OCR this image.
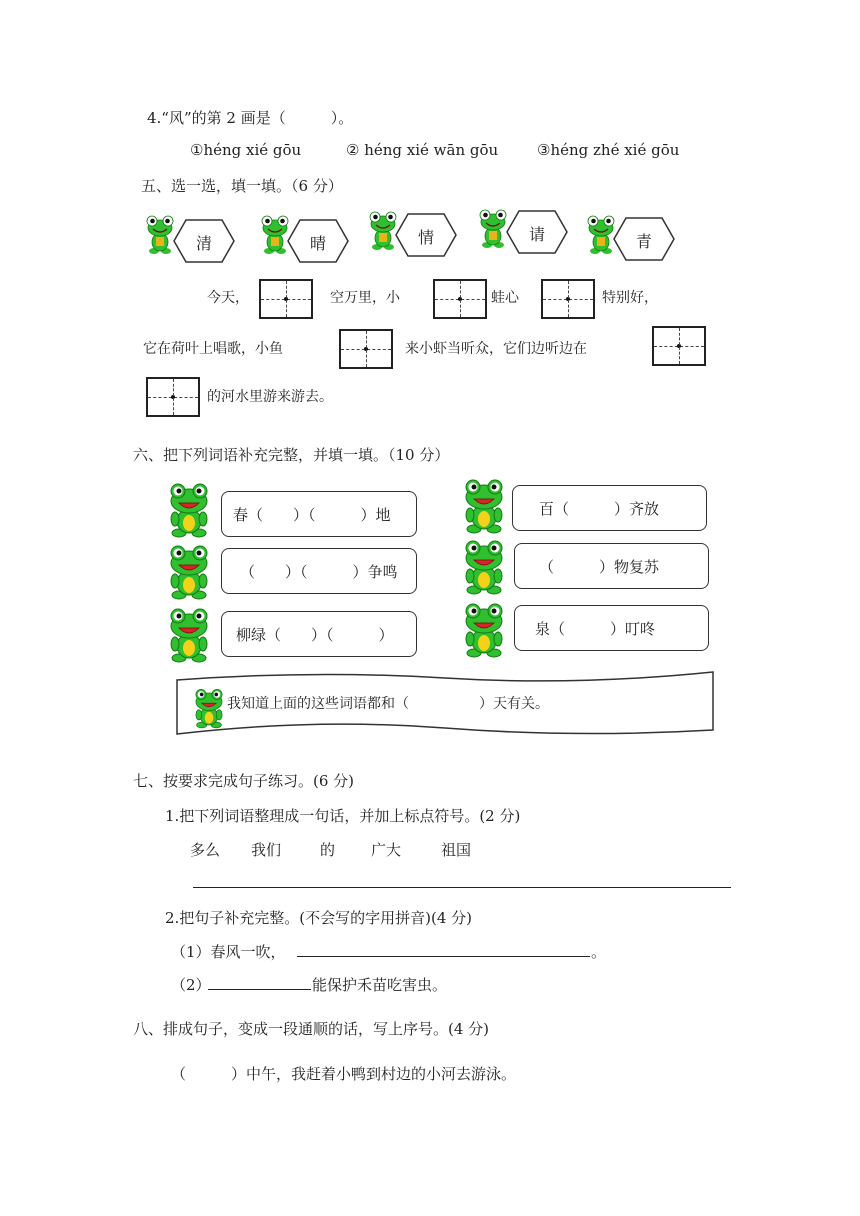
4.“风”的第 2 画是（　　　）。
①héng xié gōu	② héng xié wān gōu	③héng zhé xié gōu
五、选一选，填一填。（6 分）
清	晴	情	请	青
今天，	空万里，小	蛙心	特别好，
它在荷叶上唱歌，小鱼	来小虾当听众，它们边听边在
的河水里游来游去。
六、把下列词语补充完整，并填一填。（10 分）
春（　　）（　　　）地	百（　　　）齐放
（　　）（　　　）争鸣	（　　　）物复苏
柳绿（　　）（　　　）	泉（　　　）叮咚
我知道上面的这些词语都和（　　　　　）天有关。
七、按要求完成句子练习。(6 分)
1.把下列词语整理成一句话，并加上标点符号。(2 分)
多么 我们	的 广大	祖国
2.把句子补充完整。(不会写的字用拼音)(4 分)
（1）春风一吹，	。
（2）	能保护禾苗吃害虫。
八、排成句子，变成一段通顺的话，写上序号。(4 分)
（　　　）中午，我赶着小鸭到村边的小河去游泳。
